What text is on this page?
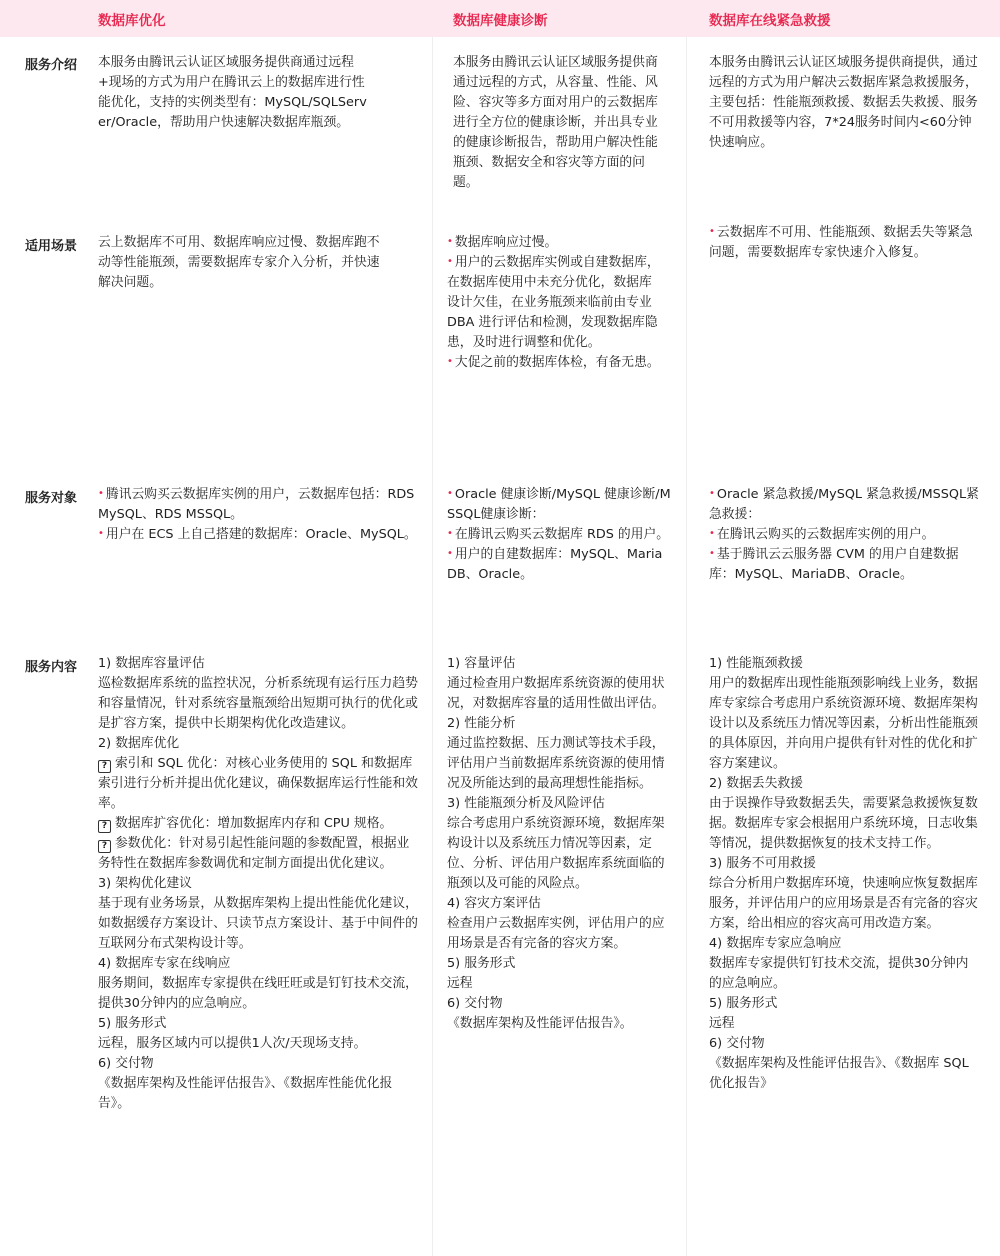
数据库优化	数据库健康诊断	数据库在线紧急救援
服务介绍
适用场景
服务对象
服务内容

本服务由腾讯云认证区域服务提供商通过远程+现场的方式为用户在腾讯云上的数据库进行性能优化，支持的实例类型有：MySQL/SQLServer/Oracle，帮助用户快速解决数据库瓶颈。

本服务由腾讯云认证区域服务提供商通过远程的方式，从容量、性能、风险、容灾等多方面对用户的云数据库进行全方位的健康诊断，并出具专业的健康诊断报告，帮助用户解决性能瓶颈、数据安全和容灾等方面的问题。

本服务由腾讯云认证区域服务提供商提供，通过远程的方式为用户解决云数据库紧急救援服务，主要包括：性能瓶颈救援、数据丢失救援、服务不可用救援等内容，7*24服务时间内<60分钟快速响应。

云上数据库不可用、数据库响应过慢、数据库跑不动等性能瓶颈，需要数据库专家介入分析，并快速解决问题。

• 数据库响应过慢。

• 用户的云数据库实例或自建数据库，在数据库使用中未充分优化，数据库设计欠佳，在业务瓶颈来临前由专业 DBA 进行评估和检测，发现数据库隐患，及时进行调整和优化。

• 大促之前的数据库体检，有备无患。

• 云数据库不可用、性能瓶颈、数据丢失等紧急问题，需要数据库专家快速介入修复。

• 腾讯云购买云数据库实例的用户，云数据库包括：RDS MySQL、RDS MSSQL。

• 用户在 ECS 上自己搭建的数据库：Oracle、MySQL。

• Oracle 健康诊断/MySQL 健康诊断/MSSQL健康诊断：

• 在腾讯云购买云数据库 RDS 的用户。

• 用户的自建数据库：MySQL、MariaDB、Oracle。

• Oracle 紧急救援/MySQL 紧急救援/MSSQL紧急救援：

• 在腾讯云购买的云数据库实例的用户。

• 基于腾讯云云服务器 CVM 的用户自建数据库：MySQL、MariaDB、Oracle。

1) 数据库容量评估

巡检数据库系统的监控状况，分析系统现有运行压力趋势和容量情况，针对系统容量瓶颈给出短期可执行的优化或是扩容方案，提供中长期架构优化改造建议。

2) 数据库优化

? 索引和 SQL 优化：对核心业务使用的 SQL 和数据库索引进行分析并提出优化建议，确保数据库运行性能和效率。

? 数据库扩容优化：增加数据库内存和 CPU 规格。

? 参数优化：针对易引起性能问题的参数配置，根据业务特性在数据库参数调优和定制方面提出优化建议。

3) 架构优化建议

基于现有业务场景，从数据库架构上提出性能优化建议，如数据缓存方案设计、只读节点方案设计、基于中间件的互联网分布式架构设计等。

4) 数据库专家在线响应

服务期间，数据库专家提供在线旺旺或是钉钉技术交流，提供30分钟内的应急响应。

5) 服务形式

远程，服务区域内可以提供1人次/天现场支持。

6) 交付物

《数据库架构及性能评估报告》、《数据库性能优化报告》。

1) 容量评估

通过检查用户数据库系统资源的使用状况，对数据库容量的适用性做出评估。

2) 性能分析

通过监控数据、压力测试等技术手段，评估用户当前数据库系统资源的使用情况及所能达到的最高理想性能指标。

3) 性能瓶颈分析及风险评估

综合考虑用户系统资源环境，数据库架构设计以及系统压力情况等因素，定位、分析、评估用户数据库系统面临的瓶颈以及可能的风险点。

4) 容灾方案评估

检查用户云数据库实例，评估用户的应用场景是否有完备的容灾方案。

5) 服务形式

远程

6) 交付物

《数据库架构及性能评估报告》。

1) 性能瓶颈救援

用户的数据库出现性能瓶颈影响线上业务，数据库专家综合考虑用户系统资源环境、数据库架构设计以及系统压力情况等因素，分析出性能瓶颈的具体原因，并向用户提供有针对性的优化和扩容方案建议。

2) 数据丢失救援

由于误操作导致数据丢失，需要紧急救援恢复数据。数据库专家会根据用户系统环境，日志收集等情况，提供数据恢复的技术支持工作。

3) 服务不可用救援

综合分析用户数据库环境，快速响应恢复数据库服务，并评估用户的应用场景是否有完备的容灾方案，给出相应的容灾高可用改造方案。

4) 数据库专家应急响应

数据库专家提供钉钉技术交流，提供30分钟内的应急响应。

5) 服务形式

远程

6) 交付物

《数据库架构及性能评估报告》、《数据库 SQL 优化报告》
